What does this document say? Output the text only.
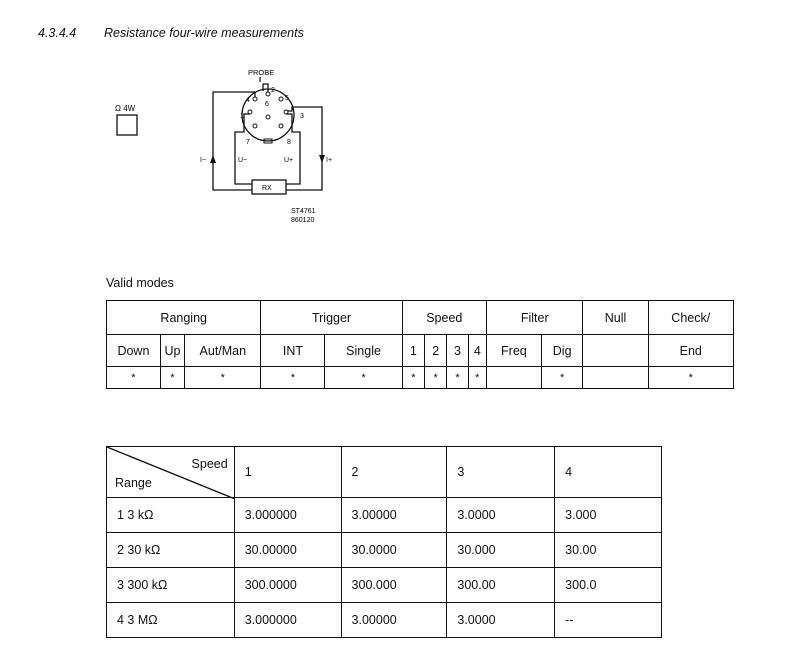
4.3.4.4 Resistance four-wire measurements
Ω 4W
PROBE
1
2
3
4	5
6
7	8
RX
I−	I+
U−	U+
ST4761
860120
Valid modes
Ranging			Trigger		Speed				Filter		Null	Check/
Down	Up	Aut/Man	INT	Single	1	2	3	4	Freq	Dig		End
*	*	*	*	*	*	*	*	*		*		*
Speed
Range	1	2	3	4
1 3 kΩ	3.000000	3.00000	3.0000	3.000
2 30 kΩ	30.00000	30.0000	30.000	30.00
3 300 kΩ	300.0000	300.000	300.00	300.0
4 3 MΩ	3.000000	3.00000	3.0000	--
